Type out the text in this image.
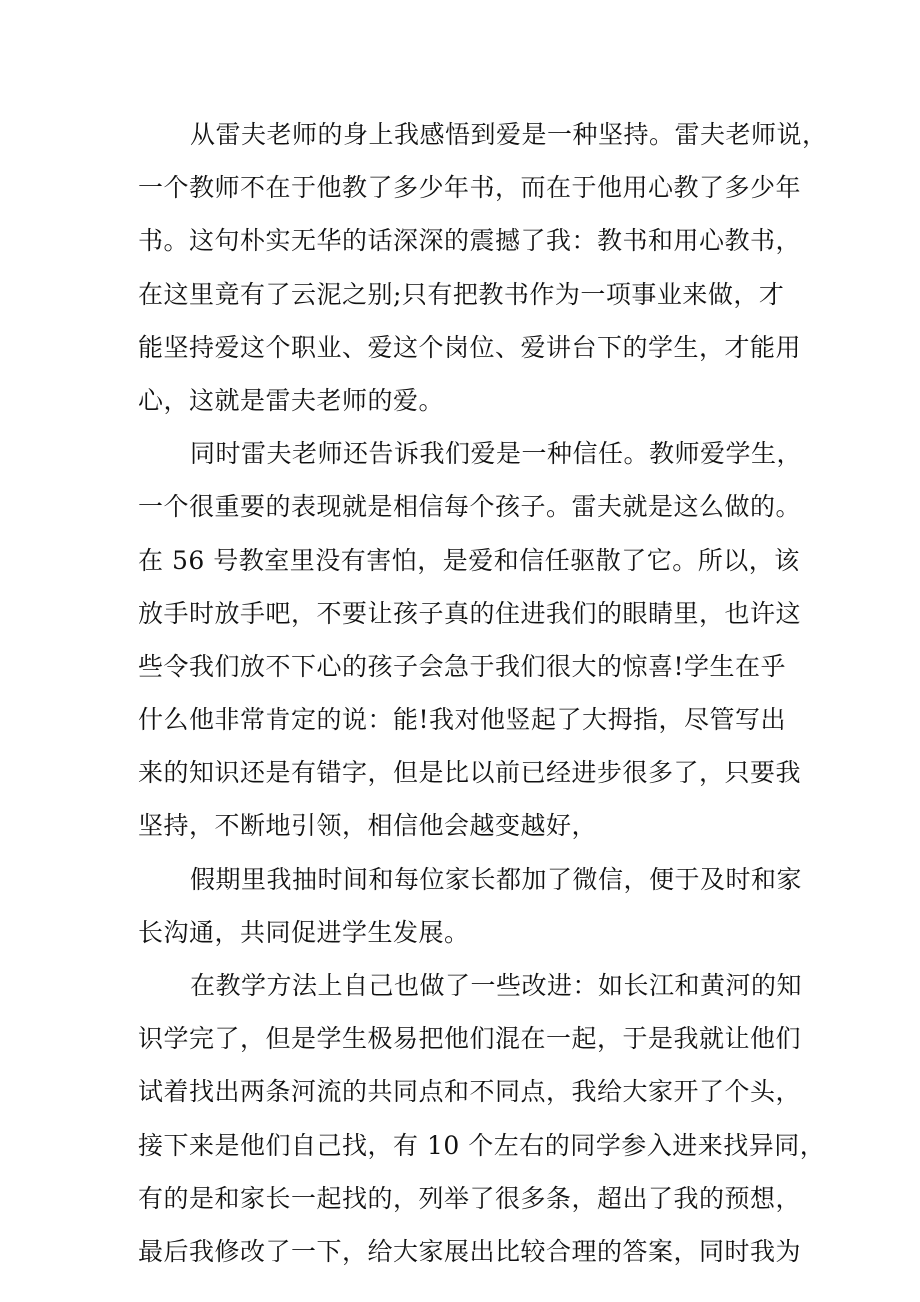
从雷夫老师的身上我感悟到爱是一种坚持。雷夫老师说，
一个教师不在于他教了多少年书，而在于他用心教了多少年
书。这句朴实无华的话深深的震撼了我：教书和用心教书，
在这里竟有了云泥之别;只有把教书作为一项事业来做，才
能坚持爱这个职业、爱这个岗位、爱讲台下的学生，才能用
心，这就是雷夫老师的爱。
同时雷夫老师还告诉我们爱是一种信任。教师爱学生，
一个很重要的表现就是相信每个孩子。雷夫就是这么做的。
在 56 号教室里没有害怕，是爱和信任驱散了它。所以，该
放手时放手吧，不要让孩子真的住进我们的眼睛里，也许这
些令我们放不下心的孩子会急于我们很大的惊喜!学生在乎
什么他非常肯定的说：能!我对他竖起了大拇指，尽管写出
来的知识还是有错字，但是比以前已经进步很多了，只要我
坚持，不断地引领，相信他会越变越好，
假期里我抽时间和每位家长都加了微信，便于及时和家
长沟通，共同促进学生发展。
在教学方法上自己也做了一些改进：如长江和黄河的知
识学完了，但是学生极易把他们混在一起，于是我就让他们
试着找出两条河流的共同点和不同点，我给大家开了个头，
接下来是他们自己找，有 10 个左右的同学参入进来找异同，
有的是和家长一起找的，列举了很多条，超出了我的预想，
最后我修改了一下，给大家展出比较合理的答案，同时我为
